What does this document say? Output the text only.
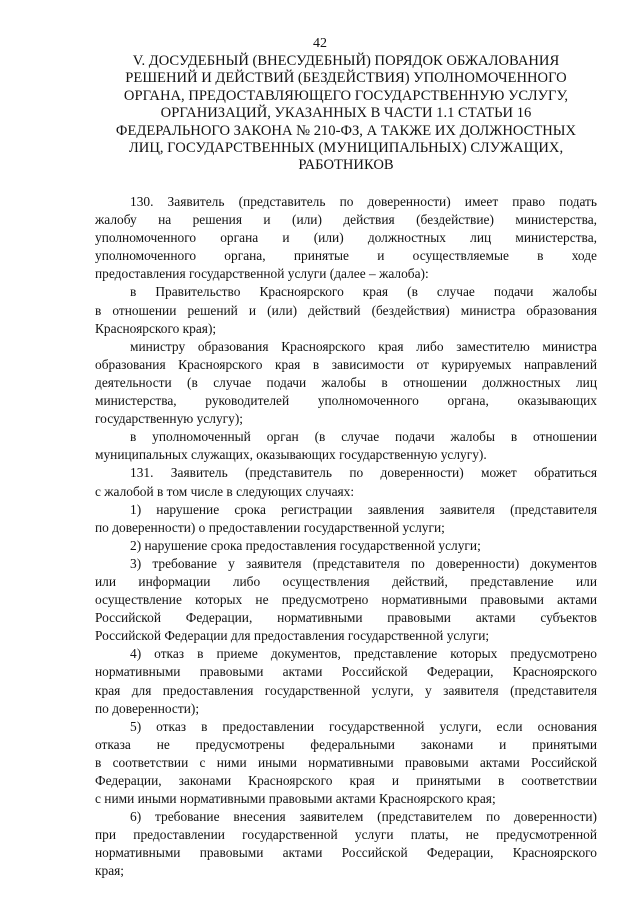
42
V. ДОСУДЕБНЫЙ (ВНЕСУДЕБНЫЙ) ПОРЯДОК ОБЖАЛОВАНИЯ
РЕШЕНИЙ И ДЕЙСТВИЙ (БЕЗДЕЙСТВИЯ) УПОЛНОМОЧЕННОГО
ОРГАНА, ПРЕДОСТАВЛЯЮЩЕГО ГОСУДАРСТВЕННУЮ УСЛУГУ,
ОРГАНИЗАЦИЙ, УКАЗАННЫХ В ЧАСТИ 1.1 СТАТЬИ 16
ФЕДЕРАЛЬНОГО ЗАКОНА № 210-ФЗ, А ТАКЖЕ ИХ ДОЛЖНОСТНЫХ
ЛИЦ, ГОСУДАРСТВЕННЫХ (МУНИЦИПАЛЬНЫХ) СЛУЖАЩИХ,
РАБОТНИКОВ

130. Заявитель (представитель по доверенности) имеет право подать
жалобу на решения и (или) действия (бездействие) министерства,
уполномоченного органа и (или) должностных лиц министерства,
уполномоченного органа, принятые и осуществляемые в ходе
предоставления государственной услуги (далее – жалоба):

в Правительство Красноярского края (в случае подачи жалобы
в отношении решений и (или) действий (бездействия) министра образования
Красноярского края);

министру образования Красноярского края либо заместителю министра
образования Красноярского края в зависимости от курируемых направлений
деятельности (в случае подачи жалобы в отношении должностных лиц
министерства, руководителей уполномоченного органа, оказывающих
государственную услугу);

в уполномоченный орган (в случае подачи жалобы в отношении
муниципальных служащих, оказывающих государственную услугу).

131. Заявитель (представитель по доверенности) может обратиться
с жалобой в том числе в следующих случаях:

1) нарушение срока регистрации заявления заявителя (представителя
по доверенности) о предоставлении государственной услуги;

2) нарушение срока предоставления государственной услуги;

3) требование у заявителя (представителя по доверенности) документов
или информации либо осуществления действий, представление или
осуществление которых не предусмотрено нормативными правовыми актами
Российской Федерации, нормативными правовыми актами субъектов
Российской Федерации для предоставления государственной услуги;

4) отказ в приеме документов, представление которых предусмотрено
нормативными правовыми актами Российской Федерации, Красноярского
края для предоставления государственной услуги, у заявителя (представителя
по доверенности);

5) отказ в предоставлении государственной услуги, если основания
отказа не предусмотрены федеральными законами и принятыми
в соответствии с ними иными нормативными правовыми актами Российской
Федерации, законами Красноярского края и принятыми в соответствии
с ними иными нормативными правовыми актами Красноярского края;

6) требование внесения заявителем (представителем по доверенности)
при предоставлении государственной услуги платы, не предусмотренной
нормативными правовыми актами Российской Федерации, Красноярского
края;
